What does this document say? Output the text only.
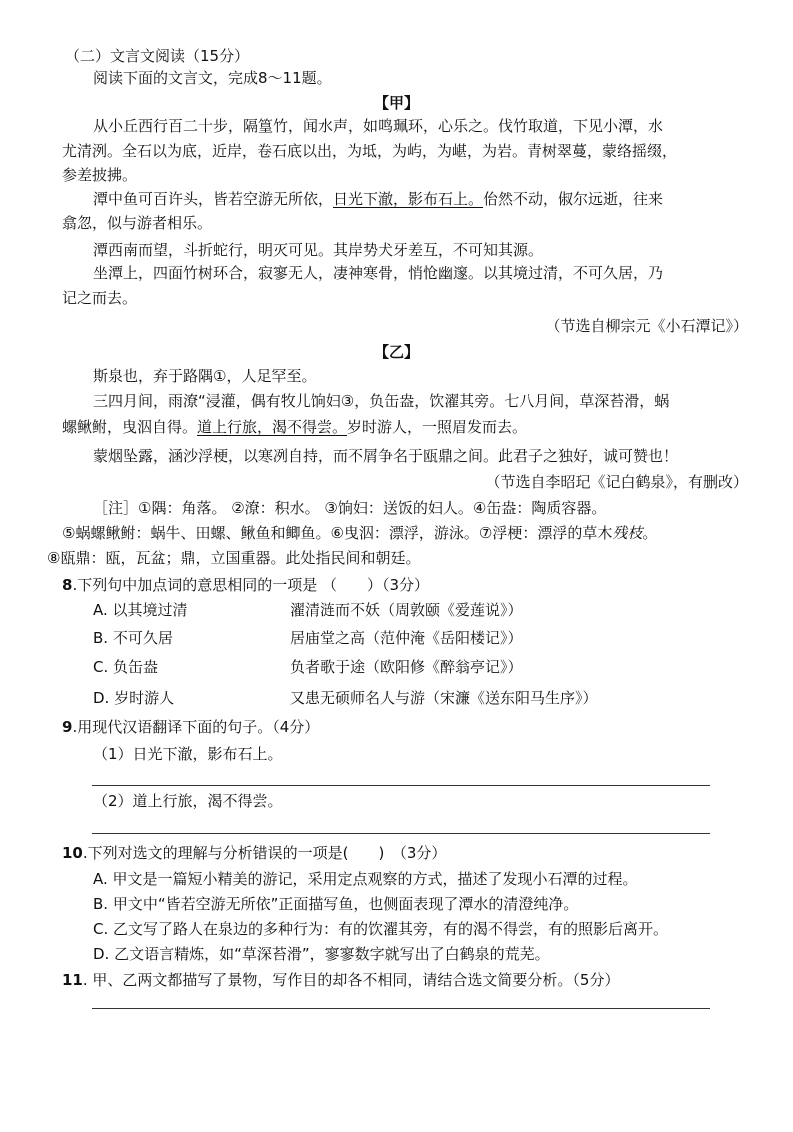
（二）文言文阅读（15分）
阅读下面的文言文，完成8～11题。
【甲】
从小丘西行百二十步，隔篁竹，闻水声，如鸣珮环，心乐之。伐竹取道，下见小潭，水
尤清洌。全石以为底，近岸，卷石底以出，为坻，为屿，为嵁，为岩。青树翠蔓，蒙络摇缀，
参差披拂。
潭中鱼可百许头，皆若空游无所依，日光下澈，影布石上。佁然不动，俶尔远逝，往来
翕忽，似与游者相乐。
潭西南而望，斗折蛇行，明灭可见。其岸势犬牙差互，不可知其源。
坐潭上，四面竹树环合，寂寥无人，凄神寒骨，悄怆幽邃。以其境过清，不可久居，乃
记之而去。
（节选自柳宗元《小石潭记》）
【乙】
斯泉也，弃于路隅①，人足罕至。
三四月间，雨潦“浸灌，偶有牧儿饷妇③，负缶盎，饮濯其旁。七八月间，草深苔滑，蜗
螺鳅鲋，曳泅自得。道上行旅，渴不得尝。岁时游人，一照眉发而去。
蒙烟坠露，涵沙浮梗，以寒冽自持，而不屑争名于瓯鼎之间。此君子之独好，诚可赞也！
（节选自李昭玘《记白鹤泉》，有删改）
［注］①隅：角落。 ②潦：积水。 ③饷妇：送饭的妇人。④缶盎：陶质容器。
⑤蜗螺鳅鲋：蜗牛、田螺、鳅鱼和鲫鱼。⑥曳泅：漂浮，游泳。⑦浮梗：漂浮的草木残枝。
⑧瓯鼎：瓯，瓦盆；鼎，立国重器。此处指民间和朝廷。
8.下列句中加点词的意思相同的一项是 （　　）（3分）
A. 以其境过清	濯清涟而不妖（周敦颐《爱莲说》）
B. 不可久居	居庙堂之高（范仲淹《岳阳楼记》）
C. 负缶盎	负者歌于途（欧阳修《醉翁亭记》）
D. 岁时游人	又患无硕师名人与游（宋濂《送东阳马生序》）
9.用现代汉语翻译下面的句子。（4分）
（1）日光下澈，影布石上。
（2）道上行旅，渴不得尝。
10.下列对选文的理解与分析错误的一项是(　　)　（3分）
A. 甲文是一篇短小精美的游记，采用定点观察的方式，描述了发现小石潭的过程。
B. 甲文中“皆若空游无所依”正面描写鱼，也侧面表现了潭水的清澄纯净。
C. 乙文写了路人在泉边的多种行为：有的饮濯其旁，有的渴不得尝，有的照影后离开。
D. 乙文语言精炼，如“草深苔滑”，寥寥数字就写出了白鹤泉的荒芜。
11. 甲、乙两文都描写了景物，写作目的却各不相同，请结合选文简要分析。（5分）
